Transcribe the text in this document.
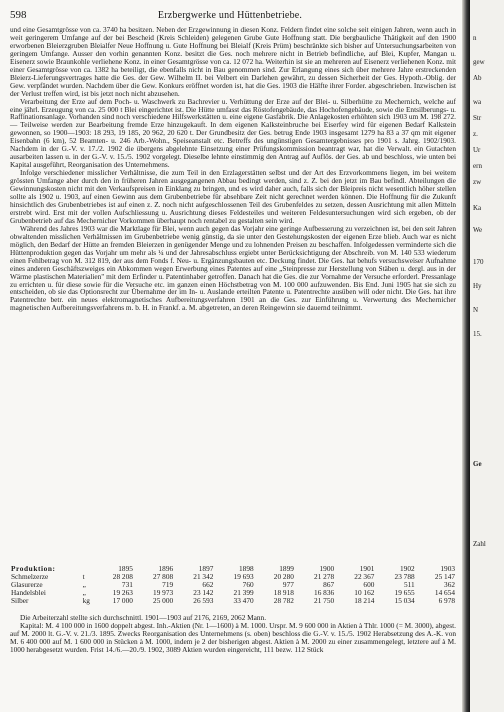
598	Erzbergwerke und Hüttenbetriebe.

und eine Gesamtgrösse von ca. 3740 ha besitzen. Neben der Erzgewinnung in diesen Konz. Feldern findet eine solche seit einigen Jahren, wenn auch in weit geringerem Umfange auf der bei Bescheid (Kreis Schleiden) gelegenen Grube Gute Hoffnung statt. Die bergbauliche Thätigkeit auf den 1900 erworbenen Bleierzgruben Bleialfer Neue Hoffnung u. Gute Hoffnung bei Bleialf (Kreis Prüm) beschränkte sich bisher auf Untersuchungsarbeiten von geringem Umfange. Ausser den vorhin genannten Konz. besitzt die Ges. noch mehrere nicht in Betrieb befindliche, auf Blei, Kupfer, Mangan u. Eisenerz sowie Braunkohle verliehene Konz. in einer Gesamtgrösse von ca. 12 072 ha. Weiterhin ist sie an mehreren auf Eisenerz verliehenen Konz. mit einer Gesamtgrösse von ca. 1382 ha beteiligt, die ebenfalls nicht in Bau genommen sind. Zur Erlangung eines sich über mehrere Jahre erstreckenden Bleierz-Lieferungsvertrages hatte die Ges. der Gew. Wilhelm II. bei Velbert ein Darlehen gewährt, zu dessen Sicherheit der Ges. Hypoth.-Oblig. der Gew. verpfändet wurden. Nachdem über die Gew. Konkurs eröffnet worden ist, hat die Ges. 1903 die Hälfte ihrer Forder. abgeschrieben. Inzwischen ist der Verlust treffen wird, ist bis jetzt noch nicht abzusehen.

Verarbeitung der Erze auf dem Poch- u. Waschwerk zu Bachrevier u. Verhüttung der Erze auf der Blei- u. Silberhütte zu Mechernich, welche auf eine jährl. Erzeugung von ca. 25 000 t Blei eingerichtet ist. Die Hütte umfasst das Röstofengebäude, das Hochofengebäude, sowie die Entsilberungs- u. Raffinationsanlage. Vorhanden sind noch verschiedene Hilfswerkstätten u. eine eigene Gasfabrik. Die Anlagekosten erhöhten sich 1903 um M. 198 272. — Teilweise werden zur Bearbeitung fremde Erze hinzugekauft. In dem eigenen Kalksteinbruche bei Eiserfey wird für eigenen Bedarf Kalkstein gewonnen, so 1900—1903: 18 293, 19 185, 20 962, 20 620 t. Der Grundbesitz der Ges. betrug Ende 1903 insgesamt 1279 ha 83 a 37 qm mit eigener Eisenbahn (6 km), 52 Beamten- u. 246 Arb.-Wohn., Speiseanstalt etc. Betreffs des ungünstigen Gesamtergebnisses pro 1901 s. Jahrg. 1902/1903. Nachdem in der G.-V. v. 17./2. 1902 die übergens abgelehnte Einsetzung einer Prüfungskommission beantragt war, hat die Verwalt. ein Gutachten ausarbeiten lassen u. in der G.-V. v. 15./5. 1902 vorgelegt. Dieselbe lehnte einstimmig den Antrag auf Auflös. der Ges. ab und beschloss, wie unten bei Kapital ausgeführt, Reorganisation des Unternehmens.

Infolge verschiedener misslicher Verhältnisse, die zum Teil in den Erzlagerstätten selbst und der Art des Erzvorkommens liegen, im bei weitem grössten Umfange aber durch den in früheren Jahren ausgegangenen Abbau bedingt werden, sind z. Z. bei den jetzt im Bau befindl. Abteilungen die Gewinnungskosten nicht mit den Verkaufspreisen in Einklang zu bringen, und es wird daher auch, falls sich der Bleipreis nicht wesentlich höher stellen sollte als 1902 u. 1903, auf einen Gewinn aus dem Grubenbetriebe für absehbare Zeit nicht gerechnet werden können. Die Hoffnung für die Zukunft hinsichtlich des Grubenbetriebes ist auf einen z. Z. noch nicht aufgeschlossenen Teil des Grubenfeldes zu setzen, dessen Ausrichtung mit allen Mitteln erstrebt wird. Erst mit der vollen Aufschliessung u. Ausrichtung dieses Feldesteiles und weiteren Feldesuntersuchungen wird sich ergeben, ob der Grubenbetrieb auf das Mechernicher Vorkommen überhaupt noch rentabel zu gestalten sein wird.

Während des Jahres 1903 war die Marktlage für Blei, wenn auch gegen das Vorjahr eine geringe Aufbesserung zu verzeichnen ist, bei den seit Jahren obwaltenden misslichen Verhältnissen im Grubenbetriebe wenig günstig, da sie unter den Gestehungskosten der eigenen Erze blieb. Auch war es nicht möglich, den Bedarf der Hütte an fremden Bleierzen in genügender Menge und zu lohnenden Preisen zu beschaffen. Infolgedessen verminderte sich die Hüttenproduktion gegen das Vorjahr um mehr als ¼ und der Jahresabschluss ergiebt unter Berücksichtigung der Abschreib. von M. 140 533 wiederum einen Fehlbetrag von M. 312 819, der aus dem Fonds f. Neu- u. Ergänzungsbauten etc. Deckung findet. Die Ges. hat behufs versuchsweiser Aufnahme eines anderen Geschäftszweiges ein Abkommen wegen Erwerbung eines Patentes auf eine „Steinpresse zur Herstellung von Stäben u. dergl. aus in der Wärme plastischen Materialien" mit dem Erfinder u. Patentinhaber getroffen. Danach hat die Ges. die zur Vornahme der Versuche erforderl. Pressanlage zu errichten u. für diese sowie für die Versuche etc. im ganzen einen Höchstbetrag von M. 100 000 aufzuwenden. Bis End. Juni 1905 hat sie sich zu entscheiden, ob sie das Optionsrecht zur Übernahme der im In- u. Auslande erteilten Patente u. Patentrechte ausüben will oder nicht. Die Ges. hat ihre Patentrechte betr. ein neues elektromagnetisches Aufbereitungsverfahren 1901 an die Ges. zur Einführung u. Verwertung des Mechernicher magnetischen Aufbereitungsverfahrens m. b. H. in Frankf. a. M. abgetreten, an deren Reingewinn sie dauernd teilnimmt.

Produktion:		1895	1896	1897	1898	1899	1900	1901	1902	1903
Schmelzerze	t	28 208	27 808	21 342	19 693	20 280	21 278	22 367	23 788	25 147
Glasurerze	„	731	719	662	760	977	867	600	511	362
Handelsblei	„	19 263	19 973	23 142	21 399	18 918	16 836	10 162	19 655	14 654
Silber	kg	17 000	25 000	26 593	33 470	28 782	21 750	18 214	15 034	6 978

Die Arbeiterzahl stellte sich durchschnittl. 1901—1903 auf 2176, 2169, 2062 Mann.

Kapital: M. 4 100 000 in 1600 doppelt abgest. Inh.-Aktien (Nr. 1—1600) à M. 1000. Urspr. M. 9 600 000 in Aktien à Thlr. 1000 (= M. 3000), abgest. auf M. 2000 lt. G.-V. v. 21./3. 1895. Zwecks Reorganisation des Unternehmens (s. oben) beschloss die G.-V. v. 15./5. 1902 Herabsetzung des A.-K. von M. 6 400 000 auf M. 1 600 000 in Stücken à M. 1000, indem je 2 der bisherigen abgest. Aktien à M. 2000 zu einer zusammengelegt, letztere auf à M. 1000 herabgesetzt wurden. Frist 14./6.—20./9. 1902, 3089 Aktien wurden eingereicht, 111 bezw. 112 Stück

n
gew
Ab
wa
Str
z.
Ur
ern
zw
Ka
We
170
Hy
N
15.
Ge
Zahl
